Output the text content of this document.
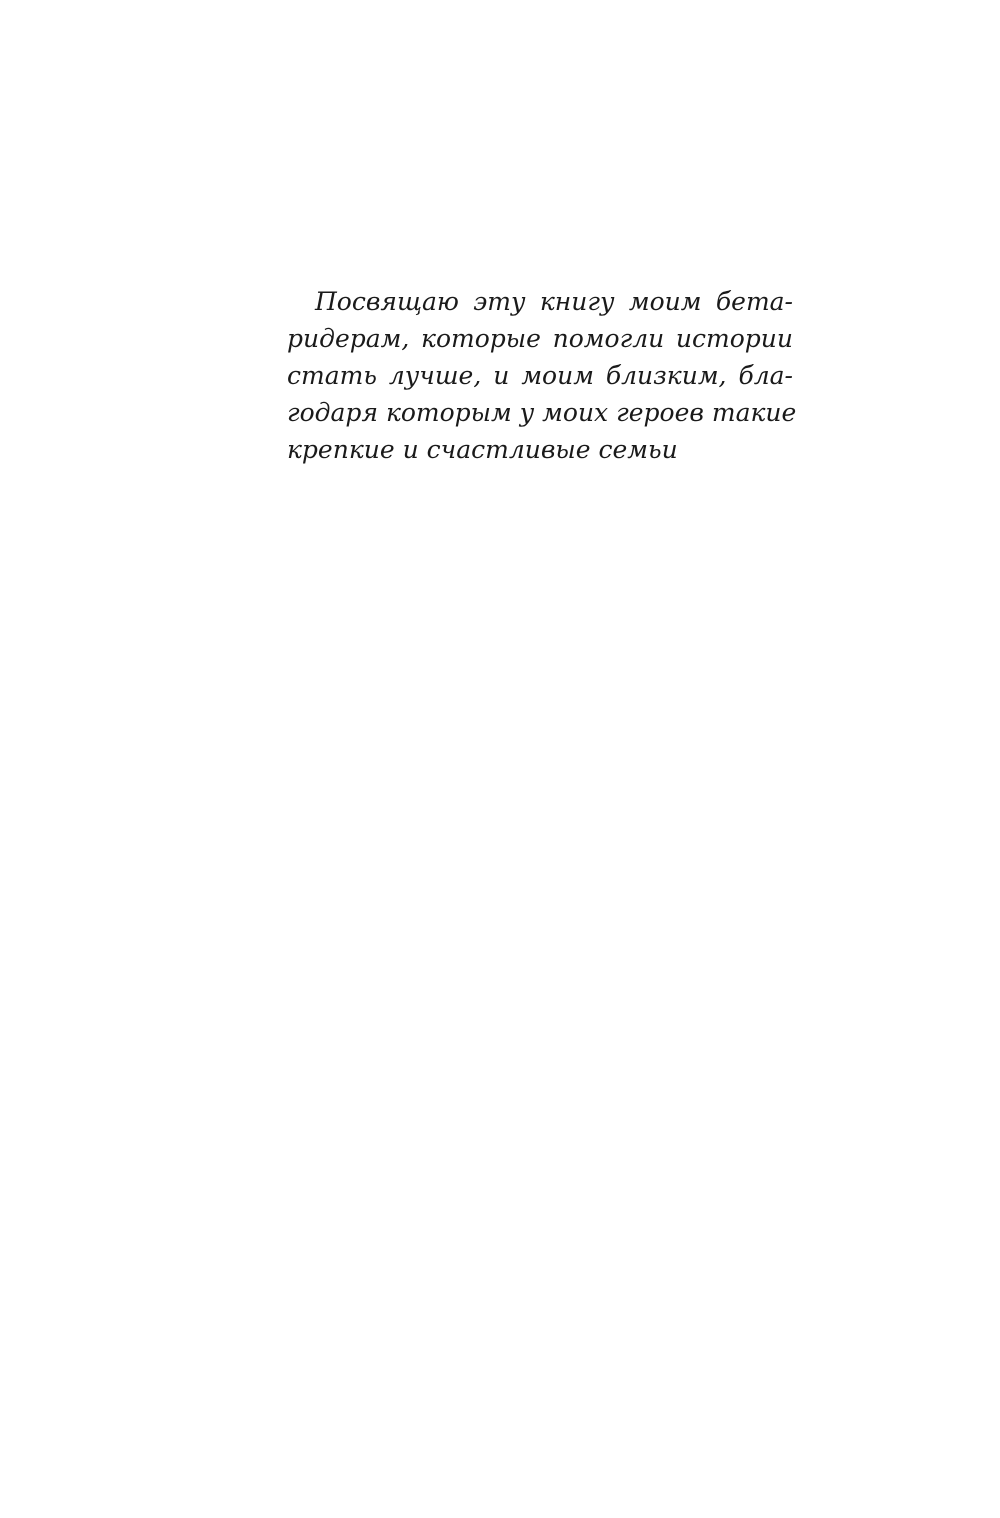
Посвящаю эту книгу моим бета-
ридерам, которые помогли истории
стать лучше, и моим близким, бла-
годаря которым у моих героев такие
крепкие и счастливые семьи
